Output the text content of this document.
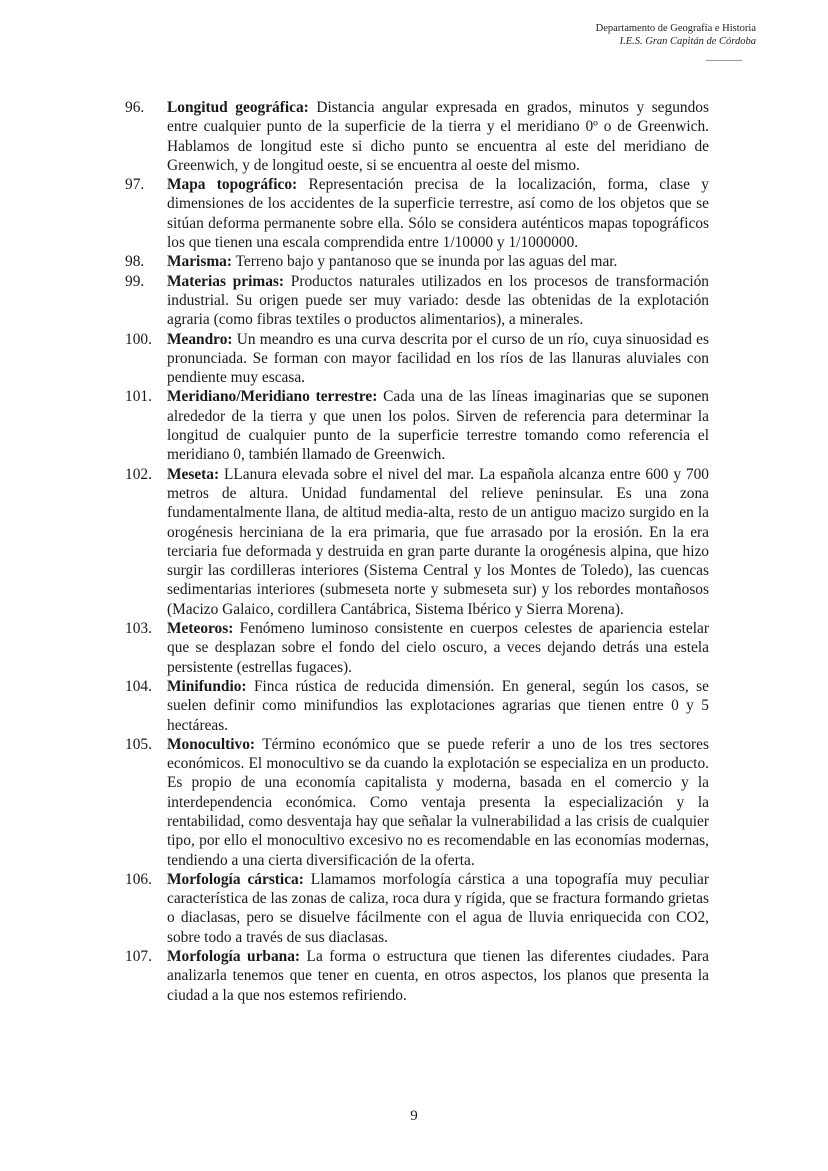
Departamento de Geografía e Historia
I.E.S. Gran Capitán de Córdoba
96.	Longitud geográfica: Distancia angular expresada en grados, minutos y segundos entre cualquier punto de la superficie de la tierra y el meridiano 0º o de Greenwich. Hablamos de longitud este si dicho punto se encuentra al este del meridiano de Greenwich, y de longitud oeste, si se encuentra al oeste del mismo.
97.	Mapa topográfico: Representación precisa de la localización, forma, clase y dimensiones de los accidentes de la superficie terrestre, así como de los objetos que se sitúan deforma permanente sobre ella. Sólo se considera auténticos mapas topográficos los que tienen una escala comprendida entre 1/10000 y 1/1000000.
98.	Marisma: Terreno bajo y pantanoso que se inunda por las aguas del mar.
99.	Materias primas: Productos naturales utilizados en los procesos de transformación industrial. Su origen puede ser muy variado: desde las obtenidas de la explotación agraria (como fibras textiles o productos alimentarios), a minerales.
100. Meandro: Un meandro es una curva descrita por el curso de un río, cuya sinuosidad es pronunciada. Se forman con mayor facilidad en los ríos de las llanuras aluviales con pendiente muy escasa.
101. Meridiano/Meridiano terrestre: Cada una de las líneas imaginarias que se suponen alrededor de la tierra y que unen los polos. Sirven de referencia para determinar la longitud de cualquier punto de la superficie terrestre tomando como referencia el meridiano 0, también llamado de Greenwich.
102. Meseta: LLanura elevada sobre el nivel del mar. La española alcanza entre 600 y 700 metros de altura. Unidad fundamental del relieve peninsular. Es una zona fundamentalmente llana, de altitud media-alta, resto de un antiguo macizo surgido en la orogénesis herciniana de la era primaria, que fue arrasado por la erosión. En la era terciaria fue deformada y destruida en gran parte durante la orogénesis alpina, que hizo surgir las cordilleras interiores (Sistema Central y los Montes de Toledo), las cuencas sedimentarias interiores (submeseta norte y submeseta sur) y los rebordes montañosos (Macizo Galaico, cordillera Cantábrica, Sistema Ibérico y Sierra Morena).
103. Meteoros: Fenómeno luminoso consistente en cuerpos celestes de apariencia estelar que se desplazan sobre el fondo del cielo oscuro, a veces dejando detrás una estela persistente (estrellas fugaces).
104. Minifundio: Finca rústica de reducida dimensión. En general, según los casos, se suelen definir como minifundios las explotaciones agrarias que tienen entre 0 y 5 hectáreas.
105. Monocultivo: Término económico que se puede referir a uno de los tres sectores económicos. El monocultivo se da cuando la explotación se especializa en un producto. Es propio de una economía capitalista y moderna, basada en el comercio y la interdependencia económica. Como ventaja presenta la especialización y la rentabilidad, como desventaja hay que señalar la vulnerabilidad a las crisis de cualquier tipo, por ello el monocultivo excesivo no es recomendable en las economías modernas, tendiendo a una cierta diversificación de la oferta.
106. Morfología cárstica: Llamamos morfología cárstica a una topografía muy peculiar característica de las zonas de caliza, roca dura y rígida, que se fractura formando grietas o diaclasas, pero se disuelve fácilmente con el agua de lluvia enriquecida con CO2, sobre todo a través de sus diaclasas.
107. Morfología urbana: La forma o estructura que tienen las diferentes ciudades. Para analizarla tenemos que tener en cuenta, en otros aspectos, los planos que presenta la ciudad a la que nos estemos refiriendo.
9
